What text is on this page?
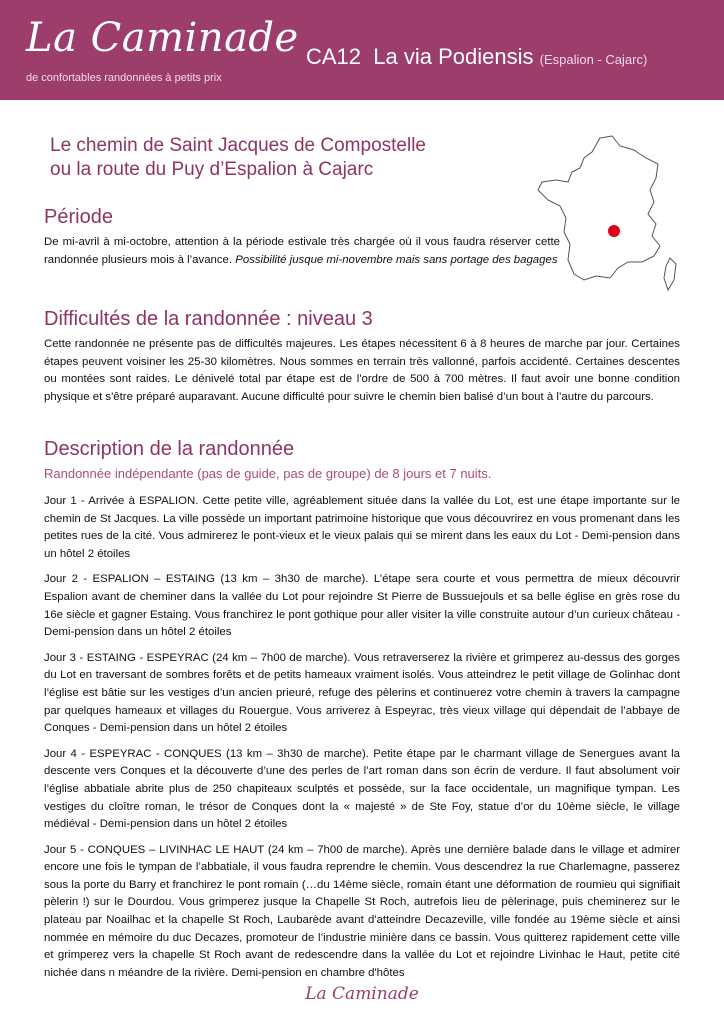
La Caminade
de confortables randonnées à petits prix
CA12 La via Podiensis (Espalion - Cajarc)
Le chemin de Saint Jacques de Compostelle
ou la route du Puy d’Espalion à Cajarc
Période

De mi-avril à mi-octobre, attention à la période estivale très chargée où il vous faudra réserver cette randonnée plusieurs mois à l’avance. Possibilité jusque mi-novembre mais sans portage des bagages

Difficultés de la randonnée : niveau 3

Cette randonnée ne présente pas de difficultés majeures. Les étapes nécessitent 6 à 8 heures de marche par jour. Certaines étapes peuvent voisiner les 25-30 kilomètres. Nous sommes en terrain très vallonné, parfois accidenté. Certaines descentes ou montées sont raides. Le dénivelé total par étape est de l'ordre de 500 à 700 mètres. Il faut avoir une bonne condition physique et s'être préparé auparavant. Aucune difficulté pour suivre le chemin bien balisé d’un bout à l’autre du parcours.

Description de la randonnée
Randonnée indépendante (pas de guide, pas de groupe) de 8 jours et 7 nuits.

Jour 1 - Arrivée à ESPALION. Cette petite ville, agréablement située dans la vallée du Lot, est une étape importante sur le chemin de St Jacques. La ville possède un important patrimoine historique que vous découvrirez en vous promenant dans les petites rues de la cité. Vous admirerez le pont-vieux et le vieux palais qui se mirent dans les eaux du Lot - Demi-pension dans un hôtel 2 étoiles

Jour 2 - ESPALION – ESTAING (13 km – 3h30 de marche). L’étape sera courte et vous permettra de mieux découvrir Espalion avant de cheminer dans la vallée du Lot pour rejoindre St Pierre de Bussuejouls et sa belle église en grès rose du 16e siècle et gagner Estaing. Vous franchirez le pont gothique pour aller visiter la ville construite autour d’un curieux château - Demi-pension dans un hôtel 2 étoiles

Jour 3 - ESTAING - ESPEYRAC (24 km – 7h00 de marche). Vous retraverserez la rivière et grimperez au-dessus des gorges du Lot en traversant de sombres forêts et de petits hameaux vraiment isolés. Vous atteindrez le petit village de Golinhac dont l’église est bâtie sur les vestiges d’un ancien prieuré, refuge des pèlerins et continuerez votre chemin à travers la campagne par quelques hameaux et villages du Rouergue. Vous arriverez à Espeyrac, très vieux village qui dépendait de l’abbaye de Conques - Demi-pension dans un hôtel 2 étoiles

Jour 4 - ESPEYRAC - CONQUES (13 km – 3h30 de marche). Petite étape par le charmant village de Senergues avant la descente vers Conques et la découverte d’une des perles de l’art roman dans son écrin de verdure. Il faut absolument voir l’église abbatiale abrite plus de 250 chapiteaux sculptés et possède, sur la face occidentale, un magnifique tympan. Les vestiges du cloître roman, le trésor de Conques dont la « majesté » de Ste Foy, statue d’or du 10ème siècle, le village médiéval - Demi-pension dans un hôtel 2 étoiles

Jour 5 - CONQUES – LIVINHAC LE HAUT (24 km – 7h00 de marche). Après une dernière balade dans le village et admirer encore une fois le tympan de l’abbatiale, il vous faudra reprendre le chemin. Vous descendrez la rue Charlemagne, passerez sous la porte du Barry et franchirez le pont romain (…du 14ème siècle, romain étant une déformation de roumieu qui signifiait pèlerin !) sur le Dourdou. Vous grimperez jusque la Chapelle St Roch, autrefois lieu de pèlerinage, puis cheminerez sur le plateau par Noailhac et la chapelle St Roch, Laubarède avant d'atteindre Decazeville, ville fondée au 19ème siècle et ainsi nommée en mémoire du duc Decazes, promoteur de l’industrie minière dans ce bassin. Vous quitterez rapidement cette ville et grimperez vers la chapelle St Roch avant de redescendre dans la vallée du Lot et rejoindre Livinhac le Haut, petite cité nichée dans n méandre de la rivière. Demi-pension en chambre d'hôtes

La Caminade
